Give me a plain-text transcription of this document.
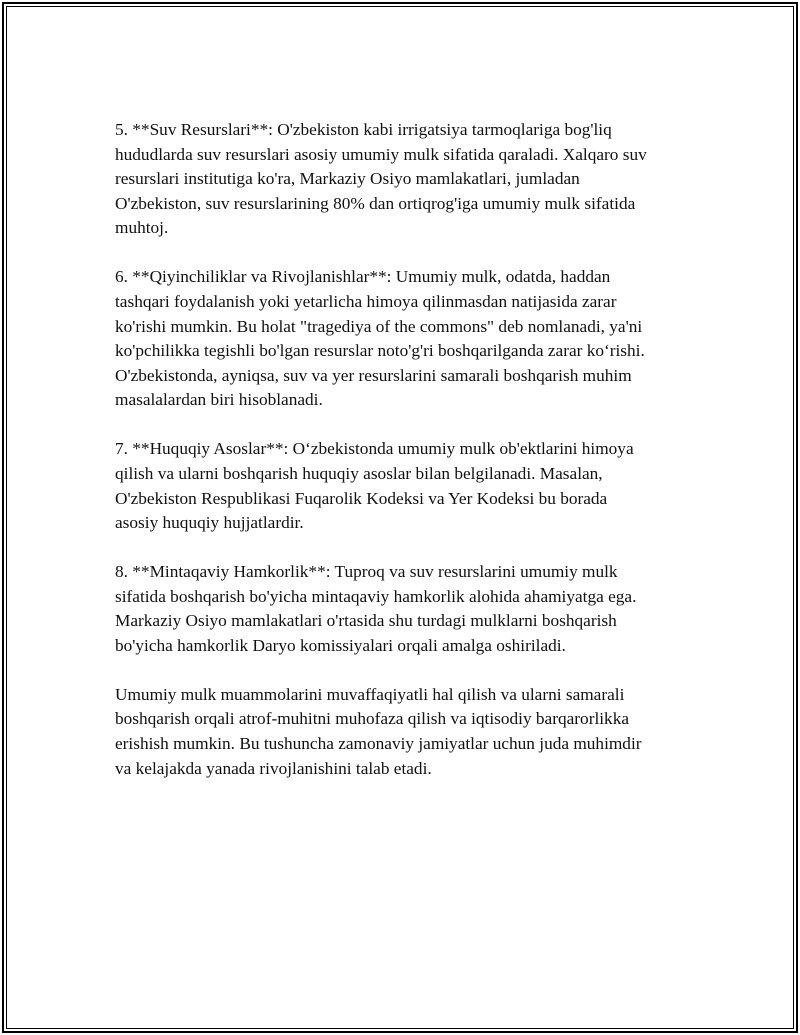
5. **Suv Resurslari**: O'zbekiston kabi irrigatsiya tarmoqlariga bog'liq
hududlarda suv resurslari asosiy umumiy mulk sifatida qaraladi. Xalqaro suv
resurslari institutiga ko'ra, Markaziy Osiyo mamlakatlari, jumladan
O'zbekiston, suv resurslarining 80% dan ortiqrog'iga umumiy mulk sifatida
muhtoj.

6. **Qiyinchiliklar va Rivojlanishlar**: Umumiy mulk, odatda, haddan
tashqari foydalanish yoki yetarlicha himoya qilinmasdan natijasida zarar
ko'rishi mumkin. Bu holat "tragediya of the commons" deb nomlanadi, ya'ni
ko'pchilikka tegishli bo'lgan resurslar noto'g'ri boshqarilganda zarar ko‘rishi.
O'zbekistonda, ayniqsa, suv va yer resurslarini samarali boshqarish muhim
masalalardan biri hisoblanadi.

7. **Huquqiy Asoslar**: O‘zbekistonda umumiy mulk ob'ektlarini himoya
qilish va ularni boshqarish huquqiy asoslar bilan belgilanadi. Masalan,
O'zbekiston Respublikasi Fuqarolik Kodeksi va Yer Kodeksi bu borada
asosiy huquqiy hujjatlardir.

8. **Mintaqaviy Hamkorlik**: Tuproq va suv resurslarini umumiy mulk
sifatida boshqarish bo'yicha mintaqaviy hamkorlik alohida ahamiyatga ega.
Markaziy Osiyo mamlakatlari o'rtasida shu turdagi mulklarni boshqarish
bo'yicha hamkorlik Daryo komissiyalari orqali amalga oshiriladi.

Umumiy mulk muammolarini muvaffaqiyatli hal qilish va ularni samarali
boshqarish orqali atrof-muhitni muhofaza qilish va iqtisodiy barqarorlikka
erishish mumkin. Bu tushuncha zamonaviy jamiyatlar uchun juda muhimdir
va kelajakda yanada rivojlanishini talab etadi.
